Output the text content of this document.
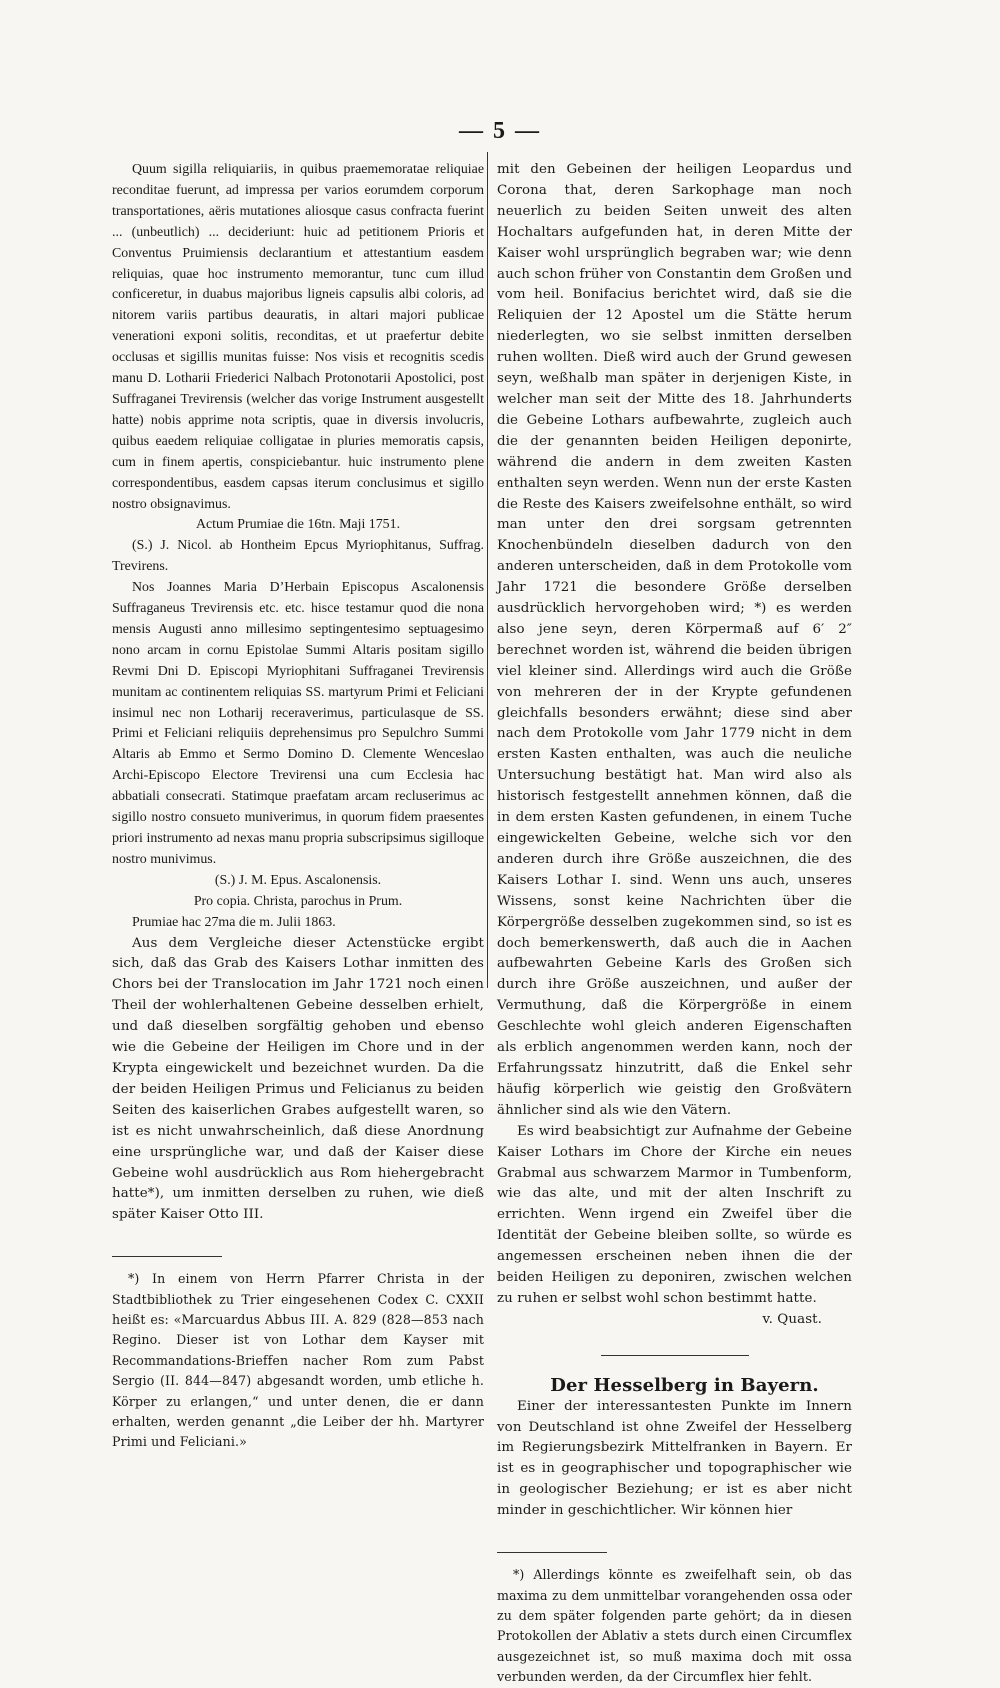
— 5 —

Quum sigilla reliquiariis, in quibus praememoratae reliquiae reconditae fuerunt, ad impressa per varios eorumdem corporum transportationes, aëris mutationes aliosque casus confracta fuerint ... (unbeutlich) ... decideriunt: huic ad petitionem Prioris et Conventus Pruimiensis declarantium et attestantium easdem reliquias, quae hoc instrumento memorantur, tunc cum illud conficeretur, in duabus majoribus ligneis capsulis albi coloris, ad nitorem variis partibus deauratis, in altari majori publicae venerationi exponi solitis, reconditas, et ut praefertur debite occlusas et sigillis munitas fuisse: Nos visis et recognitis scedis manu D. Lotharii Friederici Nalbach Protonotarii Apostolici, post Suffraganei Trevirensis (welcher das vorige Instrument ausgestellt hatte) nobis apprime nota scriptis, quae in diversis involucris, quibus eaedem reliquiae colligatae in pluries memoratis capsis, cum in finem apertis, conspiciebantur. huic instrumento plene correspondentibus, easdem capsas iterum conclusimus et sigillo nostro obsignavimus.

Actum Prumiae die 16tn. Maji 1751.

(S.) J. Nicol. ab Hontheim Epcus Myriophitanus, Suffrag. Trevirens.

Nos Joannes Maria D’Herbain Episcopus Ascalonensis Suffraganeus Trevirensis etc. etc. hisce testamur quod die nona mensis Augusti anno millesimo septingentesimo septuagesimo nono arcam in cornu Epistolae Summi Altaris positam sigillo Revmi Dni D. Episcopi Myriophitani Suffraganei Trevirensis munitam ac continentem reliquias SS. martyrum Primi et Feliciani insimul nec non Lotharij receraverimus, particulasque de SS. Primi et Feliciani reliquiis deprehensimus pro Sepulchro Summi Altaris ab Emmo et Sermo Domino D. Clemente Wenceslao Archi-Episcopo Electore Trevirensi una cum Ecclesia hac abbatiali consecrati. Statimque praefatam arcam recluserimus ac sigillo nostro consueto muniverimus, in quorum fidem praesentes priori instrumento ad nexas manu propria subscripsimus sigilloque nostro munivimus.

(S.) J. M. Epus. Ascalonensis.

Pro copia. Christa, parochus in Prum.

Prumiae hac 27ma die m. Julii 1863.

Aus dem Vergleiche dieser Actenstücke ergibt sich, daß das Grab des Kaisers Lothar inmitten des Chors bei der Translocation im Jahr 1721 noch einen Theil der wohlerhaltenen Gebeine desselben erhielt, und daß dieselben sorgfältig gehoben und ebenso wie die Gebeine der Heiligen im Chore und in der Krypta eingewickelt und bezeichnet wurden. Da die der beiden Heiligen Primus und Felicianus zu beiden Seiten des kaiserlichen Grabes aufgestellt waren, so ist es nicht unwahrscheinlich, daß diese Anordnung eine ursprüngliche war, und daß der Kaiser diese Gebeine wohl ausdrücklich aus Rom hiehergebracht hatte*), um inmitten derselben zu ruhen, wie dieß später Kaiser Otto III.

*) In einem von Herrn Pfarrer Christa in der Stadtbibliothek zu Trier eingesehenen Codex C. CXXII heißt es: «Marcuardus Abbus III. A. 829 (828—853 nach Regino. Dieser ist von Lothar dem Kayser mit Recommandations-Brieffen nacher Rom zum Pabst Sergio (II. 844—847) abgesandt worden, umb etliche h. Körper zu erlangen,“ und unter denen, die er dann erhalten, werden genannt „die Leiber der hh. Martyrer Primi und Feliciani.»

mit den Gebeinen der heiligen Leopardus und Corona that, deren Sarkophage man noch neuerlich zu beiden Seiten unweit des alten Hochaltars aufgefunden hat, in deren Mitte der Kaiser wohl ursprünglich begraben war; wie denn auch schon früher von Constantin dem Großen und vom heil. Bonifacius berichtet wird, daß sie die Reliquien der 12 Apostel um die Stätte herum niederlegten, wo sie selbst inmitten derselben ruhen wollten. Dieß wird auch der Grund gewesen seyn, weßhalb man später in derjenigen Kiste, in welcher man seit der Mitte des 18. Jahrhunderts die Gebeine Lothars aufbewahrte, zugleich auch die der genannten beiden Heiligen deponirte, während die andern in dem zweiten Kasten enthalten seyn werden. Wenn nun der erste Kasten die Reste des Kaisers zweifelsohne enthält, so wird man unter den drei sorgsam getrennten Knochenbündeln dieselben dadurch von den anderen unterscheiden, daß in dem Protokolle vom Jahr 1721 die besondere Größe derselben ausdrücklich hervorgehoben wird; *) es werden also jene seyn, deren Körpermaß auf 6′ 2″ berechnet worden ist, während die beiden übrigen viel kleiner sind. Allerdings wird auch die Größe von mehreren der in der Krypte gefundenen gleichfalls besonders erwähnt; diese sind aber nach dem Protokolle vom Jahr 1779 nicht in dem ersten Kasten enthalten, was auch die neuliche Untersuchung bestätigt hat. Man wird also als historisch festgestellt annehmen können, daß die in dem ersten Kasten gefundenen, in einem Tuche eingewickelten Gebeine, welche sich vor den anderen durch ihre Größe auszeichnen, die des Kaisers Lothar I. sind. Wenn uns auch, unseres Wissens, sonst keine Nachrichten über die Körpergröße desselben zugekommen sind, so ist es doch bemerkenswerth, daß auch die in Aachen aufbewahrten Gebeine Karls des Großen sich durch ihre Größe auszeichnen, und außer der Vermuthung, daß die Körpergröße in einem Geschlechte wohl gleich anderen Eigenschaften als erblich angenommen werden kann, noch der Erfahrungssatz hinzutritt, daß die Enkel sehr häufig körperlich wie geistig den Großvätern ähnlicher sind als wie den Vätern.

Es wird beabsichtigt zur Aufnahme der Gebeine Kaiser Lothars im Chore der Kirche ein neues Grabmal aus schwarzem Marmor in Tumbenform, wie das alte, und mit der alten Inschrift zu errichten. Wenn irgend ein Zweifel über die Identität der Gebeine bleiben sollte, so würde es angemessen erscheinen neben ihnen die der beiden Heiligen zu deponiren, zwischen welchen zu ruhen er selbst wohl schon bestimmt hatte.

v. Quast.

Der Hesselberg in Bayern.

Einer der interessantesten Punkte im Innern von Deutschland ist ohne Zweifel der Hesselberg im Regierungsbezirk Mittelfranken in Bayern. Er ist es in geographischer und topographischer wie in geologischer Beziehung; er ist es aber nicht minder in geschichtlicher. Wir können hier

*) Allerdings könnte es zweifelhaft sein, ob das maxima zu dem unmittelbar vorangehenden ossa oder zu dem später folgenden parte gehört; da in diesen Protokollen der Ablativ a stets durch einen Circumflex ausgezeichnet ist, so muß maxima doch mit ossa verbunden werden, da der Circumflex hier fehlt.
